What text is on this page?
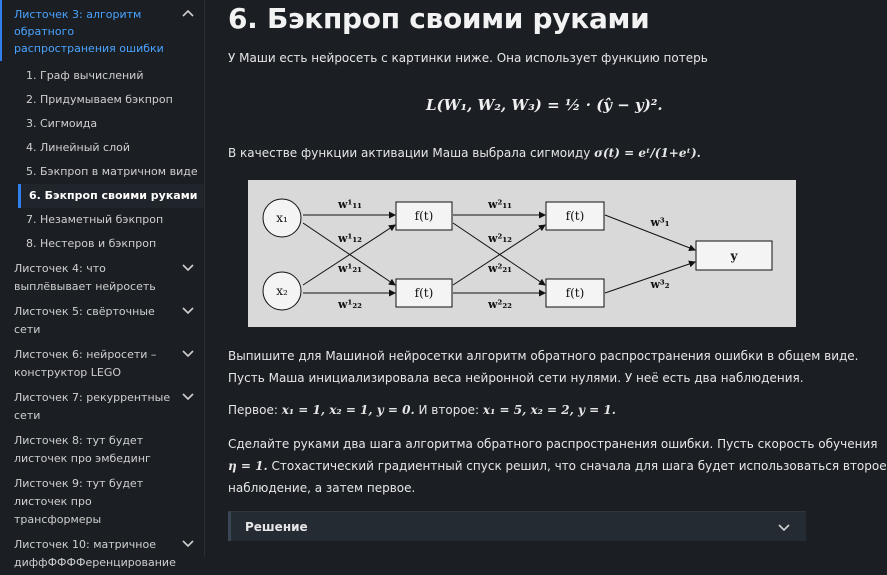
Листочек 3: алгоритм обратного распространения ошибки
1. Граф вычислений
2. Придумываем бэкпроп
3. Сигмоида
4. Линейный слой
5. Бэкпроп в матричном виде
6. Бэкпроп своими руками
7. Незаметный бэкпроп
8. Нестеров и бэкпроп
Листочек 4: что выплёвывает нейросеть
Листочек 5: свёрточные сети
Листочек 6: нейросети – конструктор LEGO
Листочек 7: рекуррентные сети
Листочек 8: тут будет листочек про эмбединг
Листочек 9: тут будет листочек про трансформеры
Листочек 10: матричное диффФФФФеренцирование
6. Бэкпроп своими руками
У Маши есть нейросеть с картинки ниже. Она использует функцию потерь
L(W₁, W₂, W₃) = ½ · (ŷ − y)².
В качестве функции активации Маша выбрала сигмоиду σ(t) = eᵗ/(1+eᵗ).
x₁
x₂
f(t)
f(t)
f(t)
f(t)
y
w¹₁₁
w¹₁₂
w¹₂₁
w¹₂₂
w²₁₁
w²₁₂
w²₂₁
w²₂₂
w³₁
w³₂
Выпишите для Машиной нейросетки алгоритм обратного распространения ошибки в общем виде.
Пусть Маша инициализировала веса нейронной сети нулями. У неё есть два наблюдения.
Первое: x₁ = 1, x₂ = 1, y = 0. И второе: x₁ = 5, x₂ = 2, y = 1.
Сделайте руками два шага алгоритма обратного распространения ошибки. Пусть скорость обучения
η = 1. Стохастический градиентный спуск решил, что сначала для шага будет использоваться второе
наблюдение, а затем первое.
Решение
